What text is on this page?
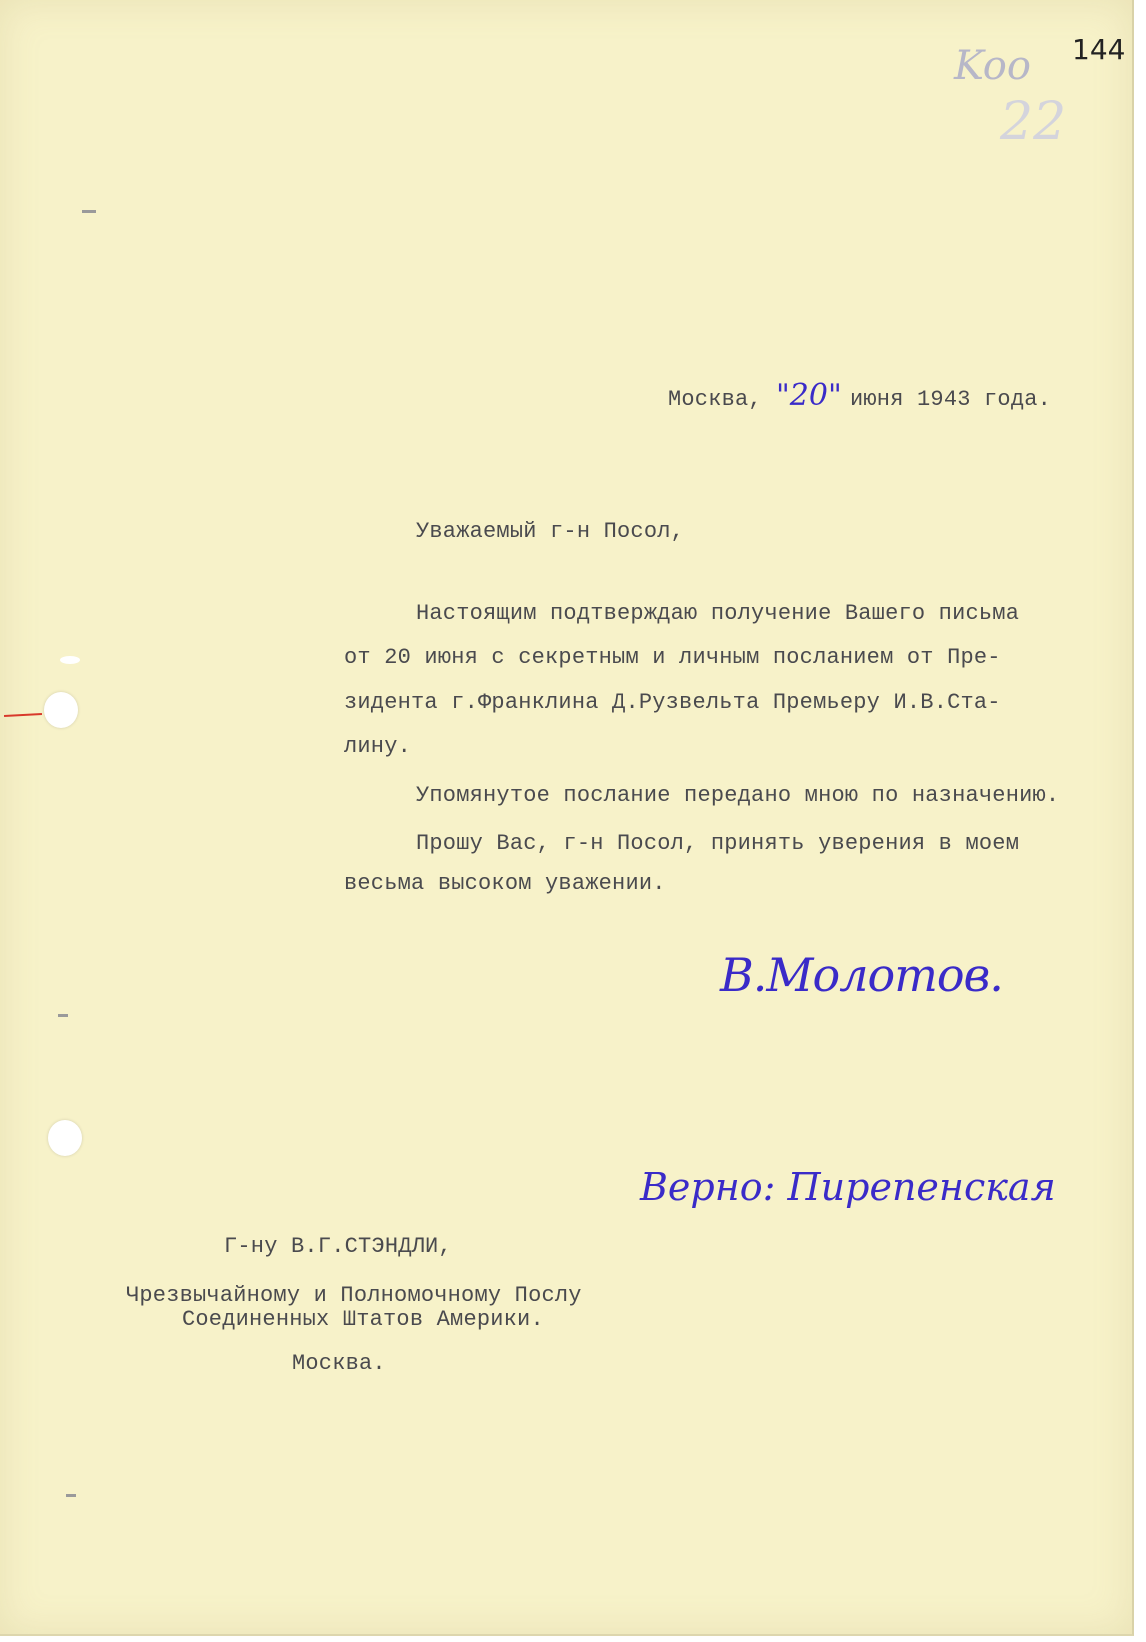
144
Koo
22
Москва, "20" июня 1943 года.
Уважаемый г-н Посол,
Настоящим подтверждаю получение Вашего письма
от 20 июня с секретным и личным посланием от Пре-
зидента г.Франклина Д.Рузвельта Премьеру И.В.Ста-
лину.
Упомянутое послание передано мною по назначению.
Прошу Вас, г-н Посол, принять уверения в моем
весьма высоком уважении.
В.Молотов.
Верно: Пирепенская
Г-ну В.Г.СТЭНДЛИ,
Чрезвычайному и Полномочному Послу
Соединенных Штатов Америки.
Москва.
